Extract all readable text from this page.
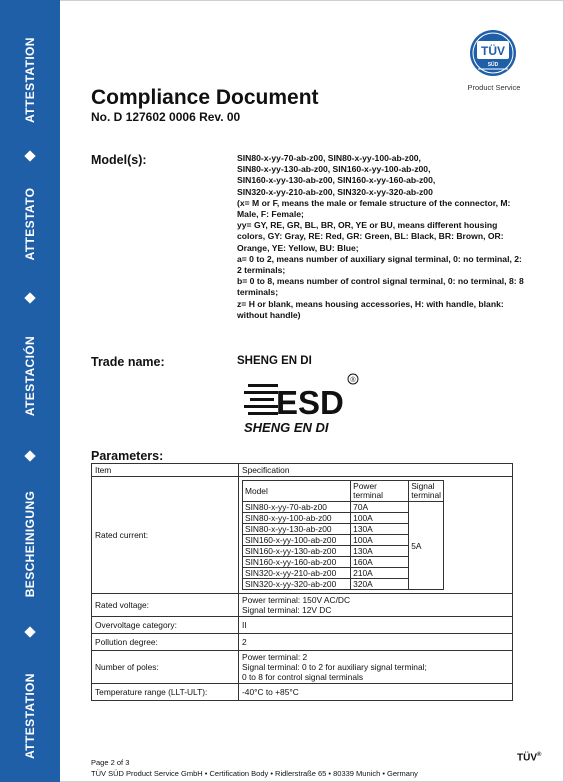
ATTESTATION
ATTESTATO
ATESTACIÓN
BESCHEINIGUNG
ATTESTATION
TÜV
SÜD
Product Service
Compliance Document
No. D 127602 0006 Rev. 00
Model(s):	SIN80-x-yy-70-ab-z00, SIN80-x-yy-100-ab-z00,
SIN80-x-yy-130-ab-z00, SIN160-x-yy-100-ab-z00,
SIN160-x-yy-130-ab-z00, SIN160-x-yy-160-ab-z00,
SIN320-x-yy-210-ab-z00, SIN320-x-yy-320-ab-z00
(x= M or F, means the male or female structure of the connector, M: Male, F: Female;
yy= GY, RE, GR, BL, BR, OR, YE or BU, means different housing colors, GY: Gray, RE: Red, GR: Green, BL: Black, BR: Brown, OR: Orange, YE: Yellow, BU: Blue;
a= 0 to 2, means number of auxiliary signal terminal, 0: no terminal, 2: 2 terminals;
b= 0 to 8, means number of control signal terminal, 0: no terminal, 8: 8 terminals;
z= H or blank, means housing accessories, H: with handle, blank: without handle)
Trade name:	SHENG EN DI
ESD
®
SHENG EN DI
Parameters:
Item	Specification
Rated current:	
Model	Power terminal	Signal terminal
SIN80-x-yy-70-ab-z00	70A	5A
SIN80-x-yy-100-ab-z00	100A
SIN80-x-yy-130-ab-z00	130A
SIN160-x-yy-100-ab-z00	100A
SIN160-x-yy-130-ab-z00	130A
SIN160-x-yy-160-ab-z00	160A
SIN320-x-yy-210-ab-z00	210A
SIN320-x-yy-320-ab-z00	320A

Rated voltage:	Power terminal: 150V AC/DC
Signal terminal: 12V DC

Overvoltage category:	II
Pollution degree:	2
Number of poles:	
Power terminal: 2
Signal terminal: 0 to 2 for auxiliary signal terminal;
0 to 8 for control signal terminals

Temperature range (LLT-ULT):	-40°C to +85°C
Page 2 of 3
TÜV SÜD Product Service GmbH • Certification Body • Ridlerstraße 65 • 80339 Munich • Germany
TÜV®
